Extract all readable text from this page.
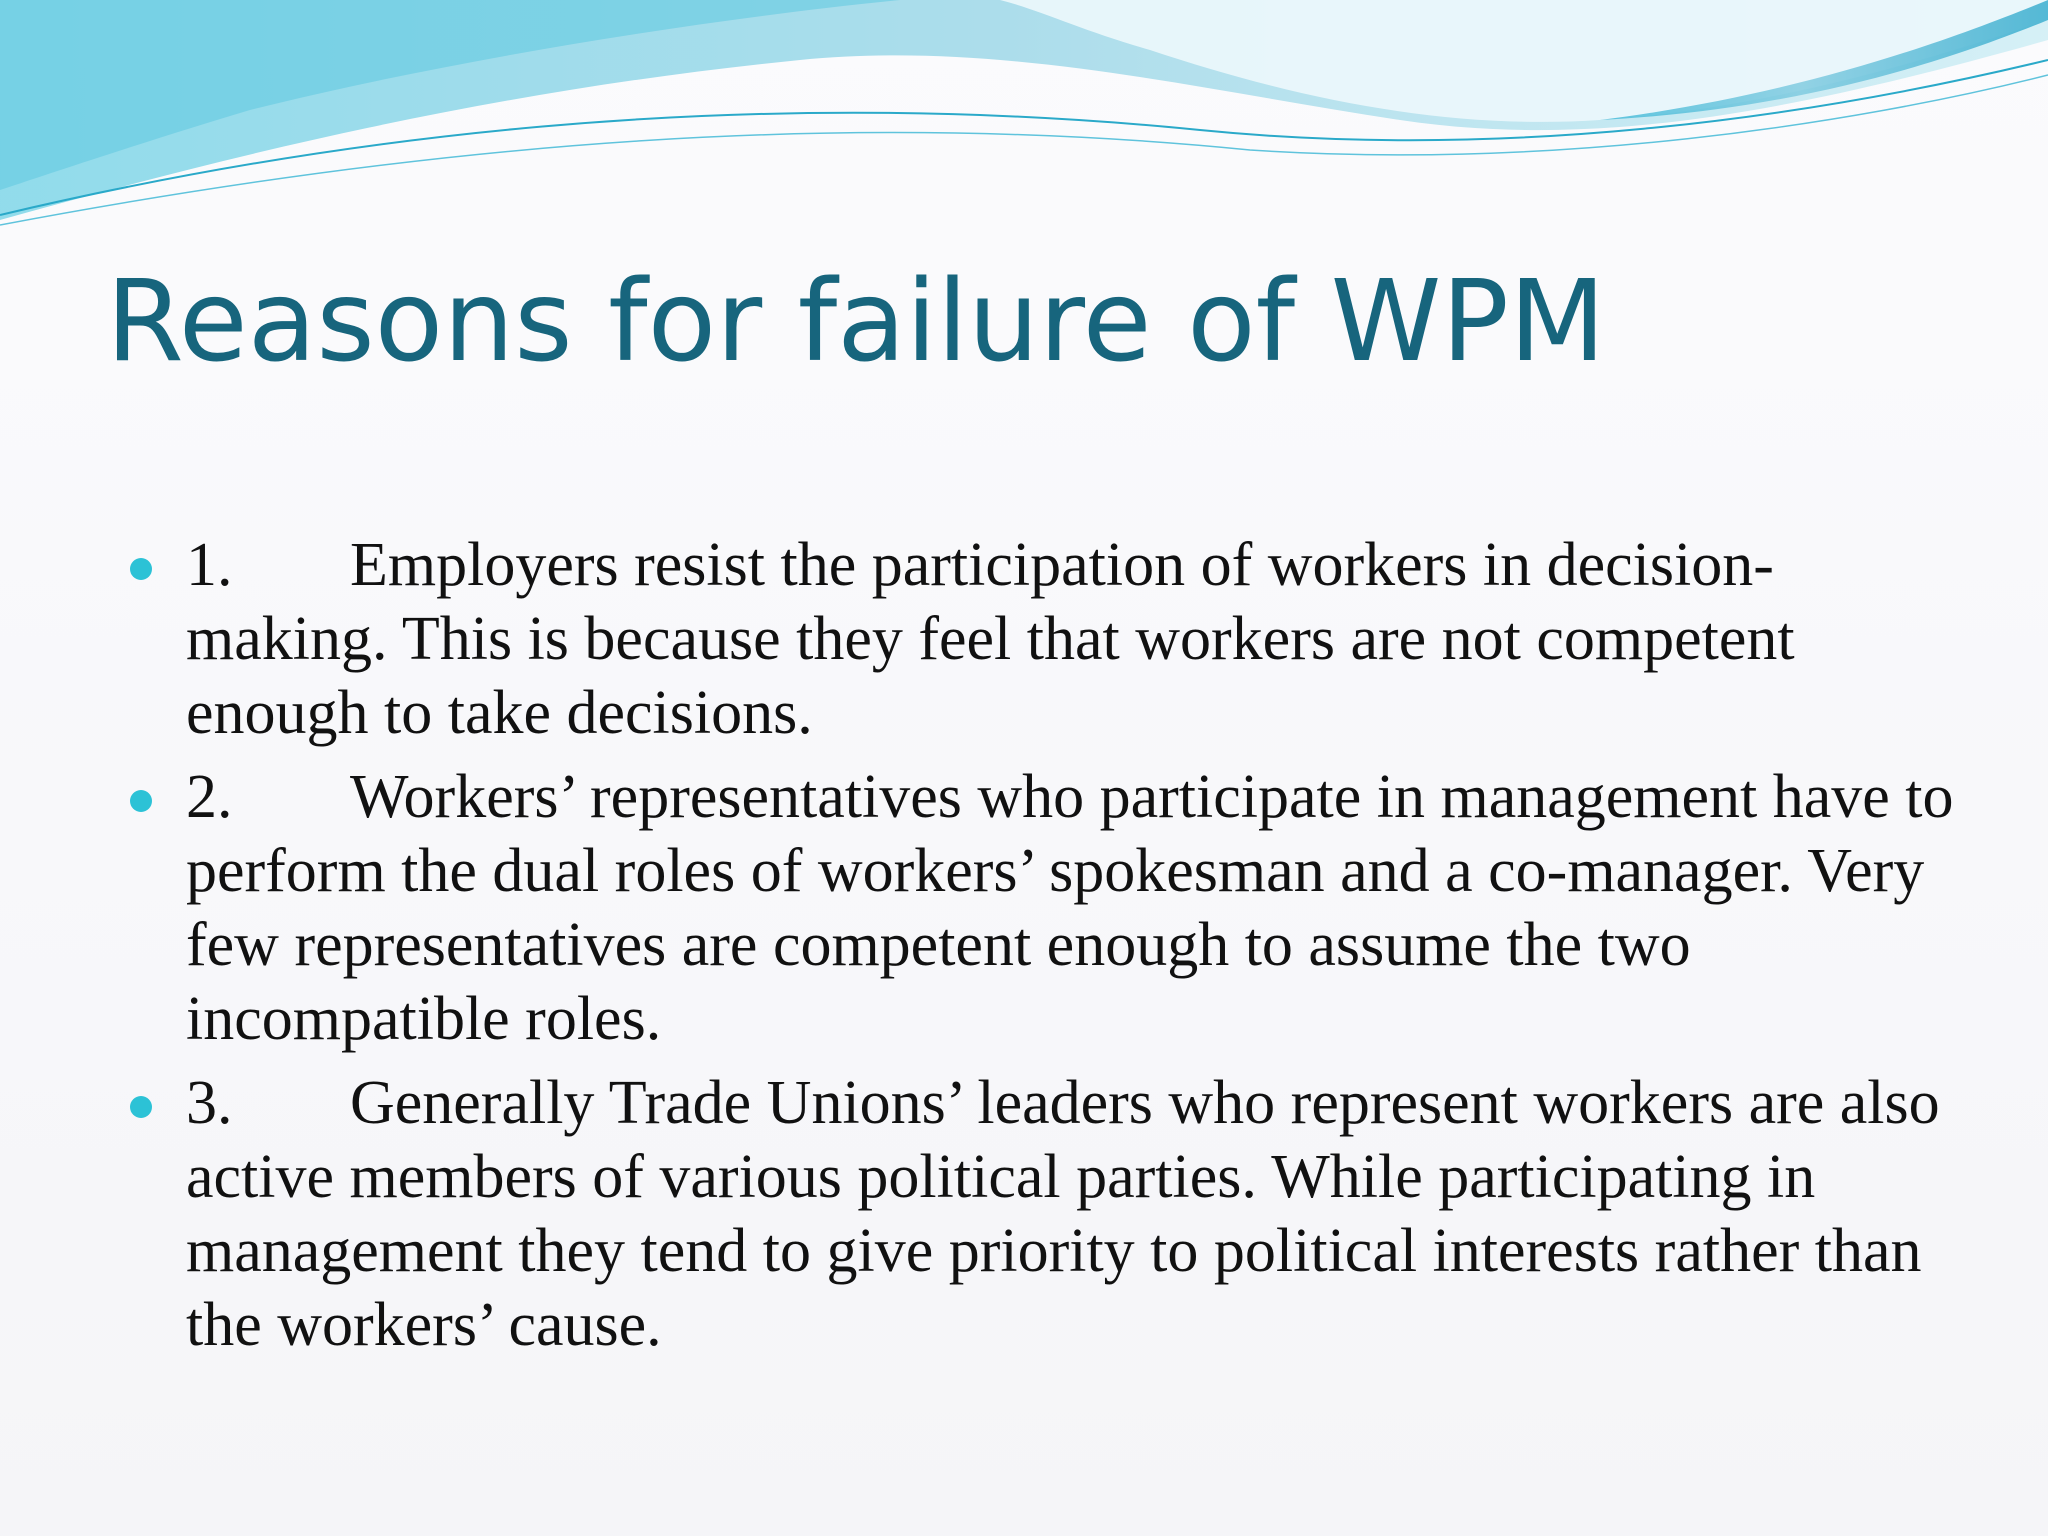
Reasons for failure of WPM
1. Employers resist the participation of workers in decision-making. This is because they feel that workers are not competent enough to take decisions.
2. Workers’ representatives who participate in management have to perform the dual roles of workers’ spokesman and a co-manager. Very few representatives are competent enough to assume the two incompatible roles.
3. Generally Trade Unions’ leaders who represent workers are also active members of various political parties. While participating in management they tend to give priority to political interests rather than the workers’ cause.
